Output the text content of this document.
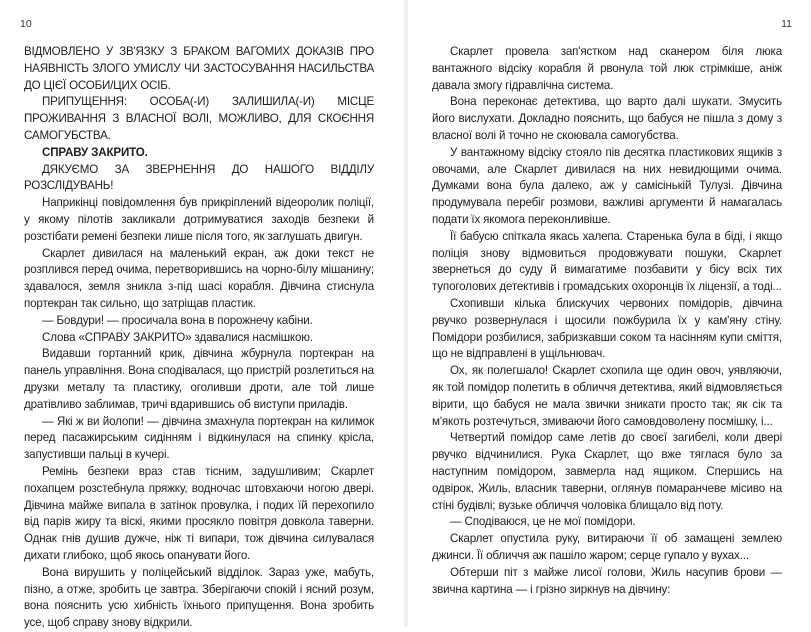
10	11

ВІДМОВЛЕНО У ЗВ'ЯЗКУ З БРАКОМ ВАГОМИХ ДОКАЗІВ ПРО НАЯВНІСТЬ ЗЛОГО УМИСЛУ ЧИ ЗАСТОСУВАННЯ НАСИЛЬСТВА ДО ЦІЄЇ ОСОБИ/ЦИХ ОСІБ.

ПРИПУЩЕННЯ: ОСОБА(-И) ЗАЛИШИЛА(-И) МІСЦЕ ПРОЖИВАННЯ З ВЛАСНОЇ ВОЛІ, МОЖЛИВО, ДЛЯ СКОЄННЯ САМОГУБСТВА.

СПРАВУ ЗАКРИТО.

ДЯКУЄМО ЗА ЗВЕРНЕННЯ ДО НАШОГО ВІДДІЛУ РОЗСЛІДУВАНЬ!

Наприкінці повідомлення був прикріплений відеоролик поліції, у якому пілотів закликали дотримуватися заходів безпеки й розстібати ремені безпеки лише після того, як заглушать двигун.

Скарлет дивилася на маленький екран, аж доки текст не розплився перед очима, перетворившись на чорно-білу мішанину; здавалося, земля зникла з-під шасі корабля. Дівчина стиснула портекран так сильно, що затріщав пластик.

— Бовдури! — просичала вона в порожнечу кабіни.

Слова «СПРАВУ ЗАКРИТО» здавалися насмішкою.

Видавши гортанний крик, дівчина жбурнула портекран на панель управління. Вона сподівалася, що пристрій розлетиться на друзки металу та пластику, оголивши дроти, але той лише дратівливо заблимав, тричі вдарившись об виступи приладів.

— Які ж ви йолопи! — дівчина змахнула портекран на килимок перед пасажирським сидінням і відкинулася на спинку крісла, запустивши пальці в кучері.

Ремінь безпеки враз став тісним, задушливим; Скарлет похапцем розстебнула пряжку, водночас штовхаючи ногою двері. Дівчина майже випала в затінок провулка, і подих їй перехопило від парів жиру та віскі, якими просякло повітря довкола таверни. Однак гнів душив дужче, ніж ті випари, тож дівчина силувалася дихати глибоко, щоб якось опанувати його.

Вона вирушить у поліцейський відділок. Зараз уже, мабуть, пізно, а отже, зробить це завтра. Зберігаючи спокій і ясний розум, вона пояснить усю хибність їхнього припущення. Вона зробить усе, щоб справу знову відкрили.

Скарлет провела зап'ястком над сканером біля люка вантажного відсіку корабля й рвонула той люк стрімкіше, аніж давала змогу гідравлічна система.

Вона переконає детектива, що варто далі шукати. Змусить його вислухати. Докладно пояснить, що бабуся не пішла з дому з власної волі й точно не скоювала самогубства.

У вантажному відсіку стояло пів десятка пластикових ящиків з овочами, але Скарлет дивилася на них невидющими очима. Думками вона була далеко, аж у самісінькій Тулузі. Дівчина продумувала перебіг розмови, важливі аргументи й намагалась подати їх якомога переконливіше.

Її бабусю спіткала якась халепа. Старенька була в біді, і якщо поліція знову відмовиться продовжувати пошуки, Скарлет звернеться до суду й вимагатиме позбавити у бісу всіх тих тупоголових детективів і громадських охоронців їх ліцензії, а тоді...

Схопивши кілька блискучих червоних помідорів, дівчина рвучко розвернулася і щосили пожбурила їх у кам'яну стіну. Помідори розбилися, забризкавши соком та насінням купи сміття, що не відправлені в ущільнювач.

Ох, як полегшало! Скарлет схопила ще один овоч, уявляючи, як той помідор полетить в обличчя детектива, який відмовляється вірити, що бабуся не мала звички зникати просто так; як сік та м'якоть розтечуться, змиваючи його самовдоволену посмішку, і...

Четвертий помідор саме летів до своєї загибелі, коли двері рвучко відчинилися. Рука Скарлет, що вже тяглася було за наступним помідором, завмерла над ящиком. Спершись на одвірок, Жиль, власник таверни, оглянув помаранчеве місиво на стіні будівлі; вузьке обличчя чоловіка блищало від поту.

— Сподіваюся, це не мої помідори.

Скарлет опустила руку, витираючи її об замащені землею джинси. Її обличчя аж пашіло жаром; серце гупало у вухах...

Обтерши піт з майже лисої голови, Жиль насупив брови — звична картина — і грізно зиркнув на дівчину:
